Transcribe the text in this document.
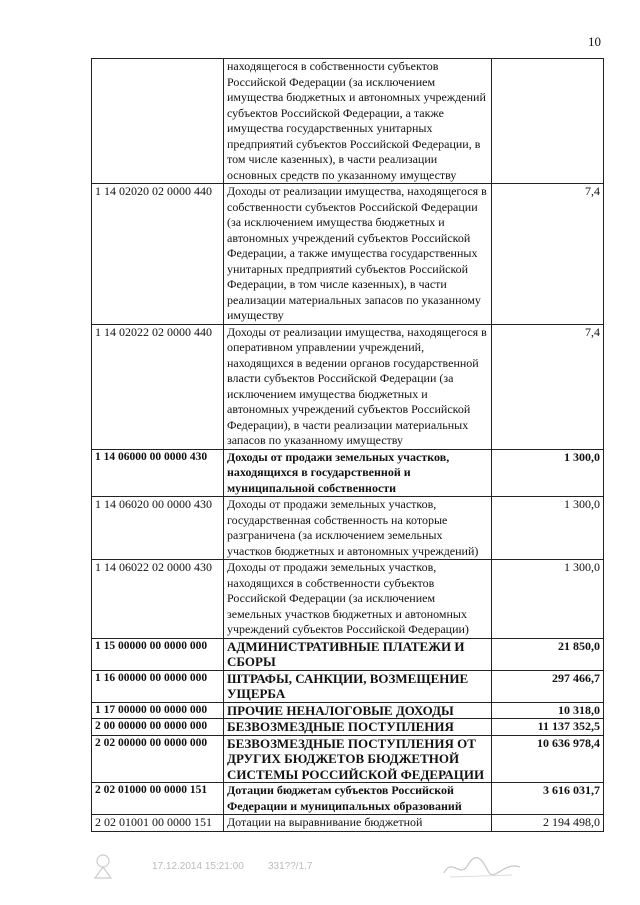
10
	находящегося в собственности субъектов Российской Федерации (за исключением имущества бюджетных и автономных учреждений субъектов Российской Федерации, а также имущества государственных унитарных предприятий субъектов Российской Федерации, в том числе казенных), в части реализации основных средств по указанному имуществу	
1 14 02020 02 0000 440	Доходы от реализации имущества, находящегося в собственности субъектов Российской Федерации (за исключением имущества бюджетных и автономных учреждений субъектов Российской Федерации, а также имущества государственных унитарных предприятий субъектов Российской Федерации, в том числе казенных), в части реализации материальных запасов по указанному имуществу	7,4
1 14 02022 02 0000 440	Доходы от реализации имущества, находящегося в оперативном управлении учреждений, находящихся в ведении органов государственной власти субъектов Российской Федерации (за исключением имущества бюджетных и автономных учреждений субъектов Российской Федерации), в части реализации материальных запасов по указанному имуществу	7,4
1 14 06000 00 0000 430	Доходы от продажи земельных участков, находящихся в государственной и муниципальной собственности	1 300,0
1 14 06020 00 0000 430	Доходы от продажи земельных участков, государственная собственность на которые разграничена (за исключением земельных участков бюджетных и автономных учреждений)	1 300,0
1 14 06022 02 0000 430	Доходы от продажи земельных участков, находящихся в собственности субъектов Российской Федерации (за исключением земельных участков бюджетных и автономных учреждений субъектов Российской Федерации)	1 300,0
1 15 00000 00 0000 000	АДМИНИСТРАТИВНЫЕ ПЛАТЕЖИ И СБОРЫ	21 850,0
1 16 00000 00 0000 000	ШТРАФЫ, САНКЦИИ, ВОЗМЕЩЕНИЕ УЩЕРБА	297 466,7
1 17 00000 00 0000 000	ПРОЧИЕ НЕНАЛОГОВЫЕ ДОХОДЫ	10 318,0
2 00 00000 00 0000 000	БЕЗВОЗМЕЗДНЫЕ ПОСТУПЛЕНИЯ	11 137 352,5
2 02 00000 00 0000 000	БЕЗВОЗМЕЗДНЫЕ ПОСТУПЛЕНИЯ ОТ ДРУГИХ БЮДЖЕТОВ БЮДЖЕТНОЙ СИСТЕМЫ РОССИЙСКОЙ ФЕДЕРАЦИИ	10 636 978,4
2 02 01000 00 0000 151	Дотации бюджетам субъектов Российской Федерации и муниципальных образований	3 616 031,7
2 02 01001 00 0000 151	Дотации на выравнивание бюджетной	2 194 498,0
17.12.2014 15:21:00 331??/1.7
